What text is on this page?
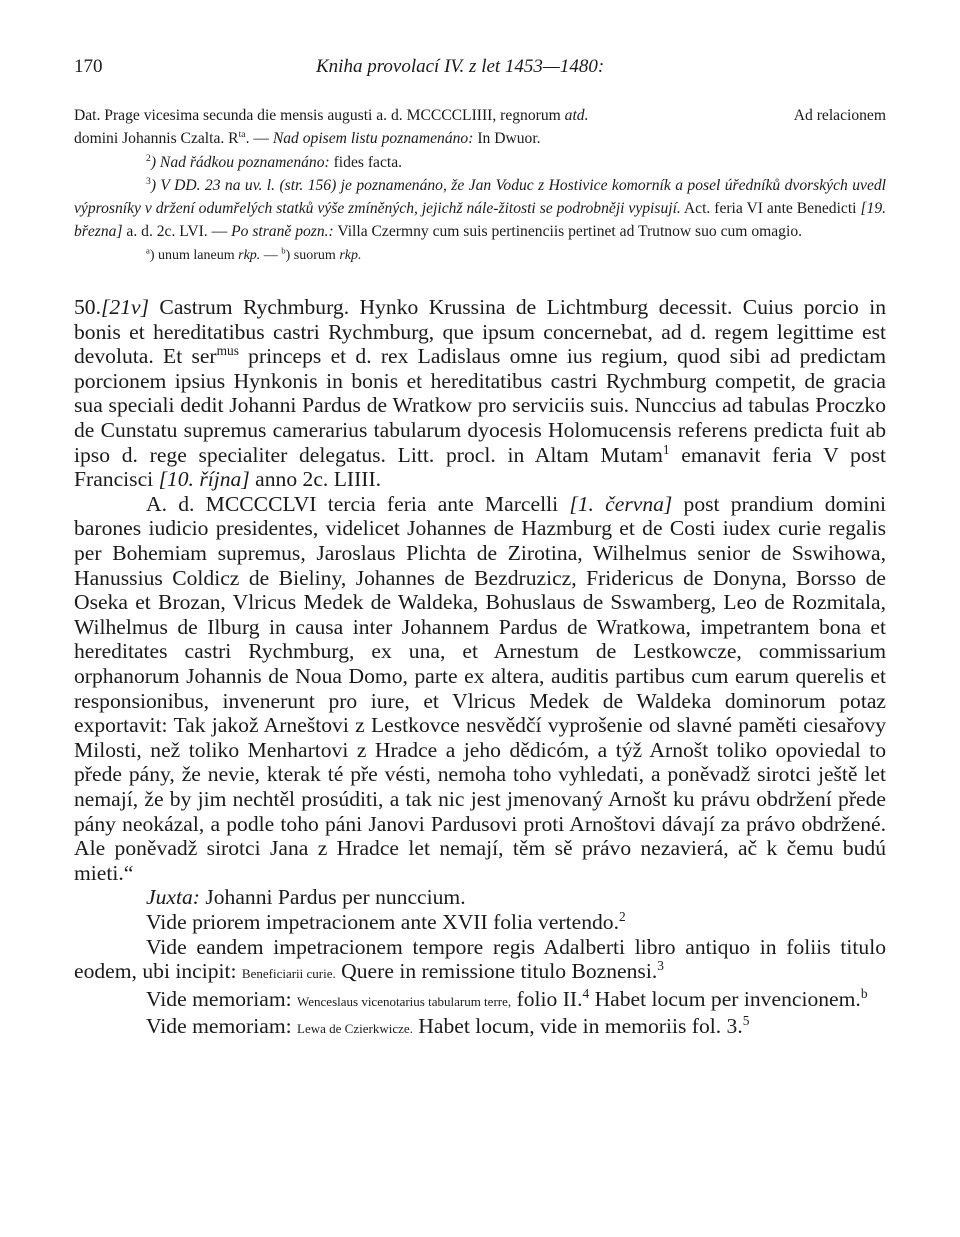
170	Kniha provolací IV. z let 1453—1480:

Dat. Prage vicesima secunda die mensis augusti a. d. MCCCCLIIII, regnorum atd.	Ad relacionem

domini Johannis Czalta. $R^{ta}$. — Nad opisem listu poznamenáno: In Dwuor.

$^2$) Nad řádkou poznamenáno: fides facta.

$^3$) V DD. 23 na uv. l. (str. 156) je poznamenáno, že Jan Voduc z Hostivice komorník a posel úředníků dvorských uvedl výprosníky v držení odumřelých statků výše zmíněných, jejichž nále-žitosti se podrobněji vypisují. Act. feria VI ante Benedicti [19. března] a. d. 2c. LVI. — Po straně pozn.: Villa Czermny cum suis pertinenciis pertinet ad Trutnow suo cum omagio.

$^a$) unum laneum rkp. — $^b$) suorum rkp.

50.[21v] Castrum Rychmburg. Hynko Krussina de Lichtmburg decessit. Cuius porcio in bonis et hereditatibus castri Rychmburg, que ipsum concernebat, ad d. regem legittime est devoluta. Et ser$^{mus}$ princeps et d. rex Ladislaus omne ius regium, quod sibi ad predictam porcionem ipsius Hynkonis in bonis et hereditatibus castri Rychmburg competit, de gracia sua speciali dedit Johanni Pardus de Wratkow pro serviciis suis. Nunccius ad tabulas Proczko de Cunstatu supremus camerarius tabularum dyocesis Holomucensis referens predicta fuit ab ipso d. rege specialiter delegatus. Litt. procl. in Altam Mutam$^1$ emanavit feria V post Francisci [10. října] anno 2c. LIIII.

A. d. MCCCCLVI tercia feria ante Marcelli [1. června] post prandium domini barones iudicio presidentes, videlicet Johannes de Hazmburg et de Costi iudex curie regalis per Bohemiam supremus, Jaroslaus Plichta de Zirotina, Wilhelmus senior de Sswihowa, Hanussius Coldicz de Bieliny, Johannes de Bezdruzicz, Fridericus de Donyna, Borsso de Oseka et Brozan, Vlricus Medek de Waldeka, Bohuslaus de Sswamberg, Leo de Rozmitala, Wilhelmus de Ilburg in causa inter Johannem Pardus de Wratkowa, impetrantem bona et hereditates castri Rychmburg, ex una, et Arnestum de Lestkowcze, commissarium orphanorum Johannis de Noua Domo, parte ex altera, auditis partibus cum earum querelis et responsionibus, invenerunt pro iure, et Vlricus Medek de Waldeka dominorum potaz exportavit: Tak jakož Arneštovi z Lestkovce nesvědčí vyprošenie od slavné paměti ciesařovy Milosti, než toliko Menhartovi z Hradce a jeho dědicóm, a týž Arnošt toliko opoviedal to přede pány, že nevie, kterak té pře vésti, nemoha toho vyhledati, a poněvadž sirotci ještě let nemají, že by jim nechtěl prosúditi, a tak nic jest jmenovaný Arnošt ku právu obdržení přede pány neokázal, a podle toho páni Janovi Pardusovi proti Arnoštovi dávají za právo obdržené. Ale poněvadž sirotci Jana z Hradce let nemají, těm sě právo nezavierá, ač k čemu budú mieti.“

Juxta: Johanni Pardus per nunccium.

Vide priorem impetracionem ante XVII folia vertendo.$^2$

Vide eandem impetracionem tempore regis Adalberti libro antiquo in foliis titulo eodem, ubi incipit: Beneficiarii curie. Quere in remissione titulo Boznensi.$^3$

Vide memoriam: Wenceslaus vicenotarius tabularum terre, folio II.$^4$ Habet locum per invencionem.$^b$

Vide memoriam: Lewa de Czierkwicze. Habet locum, vide in memoriis fol. 3.$^5$
